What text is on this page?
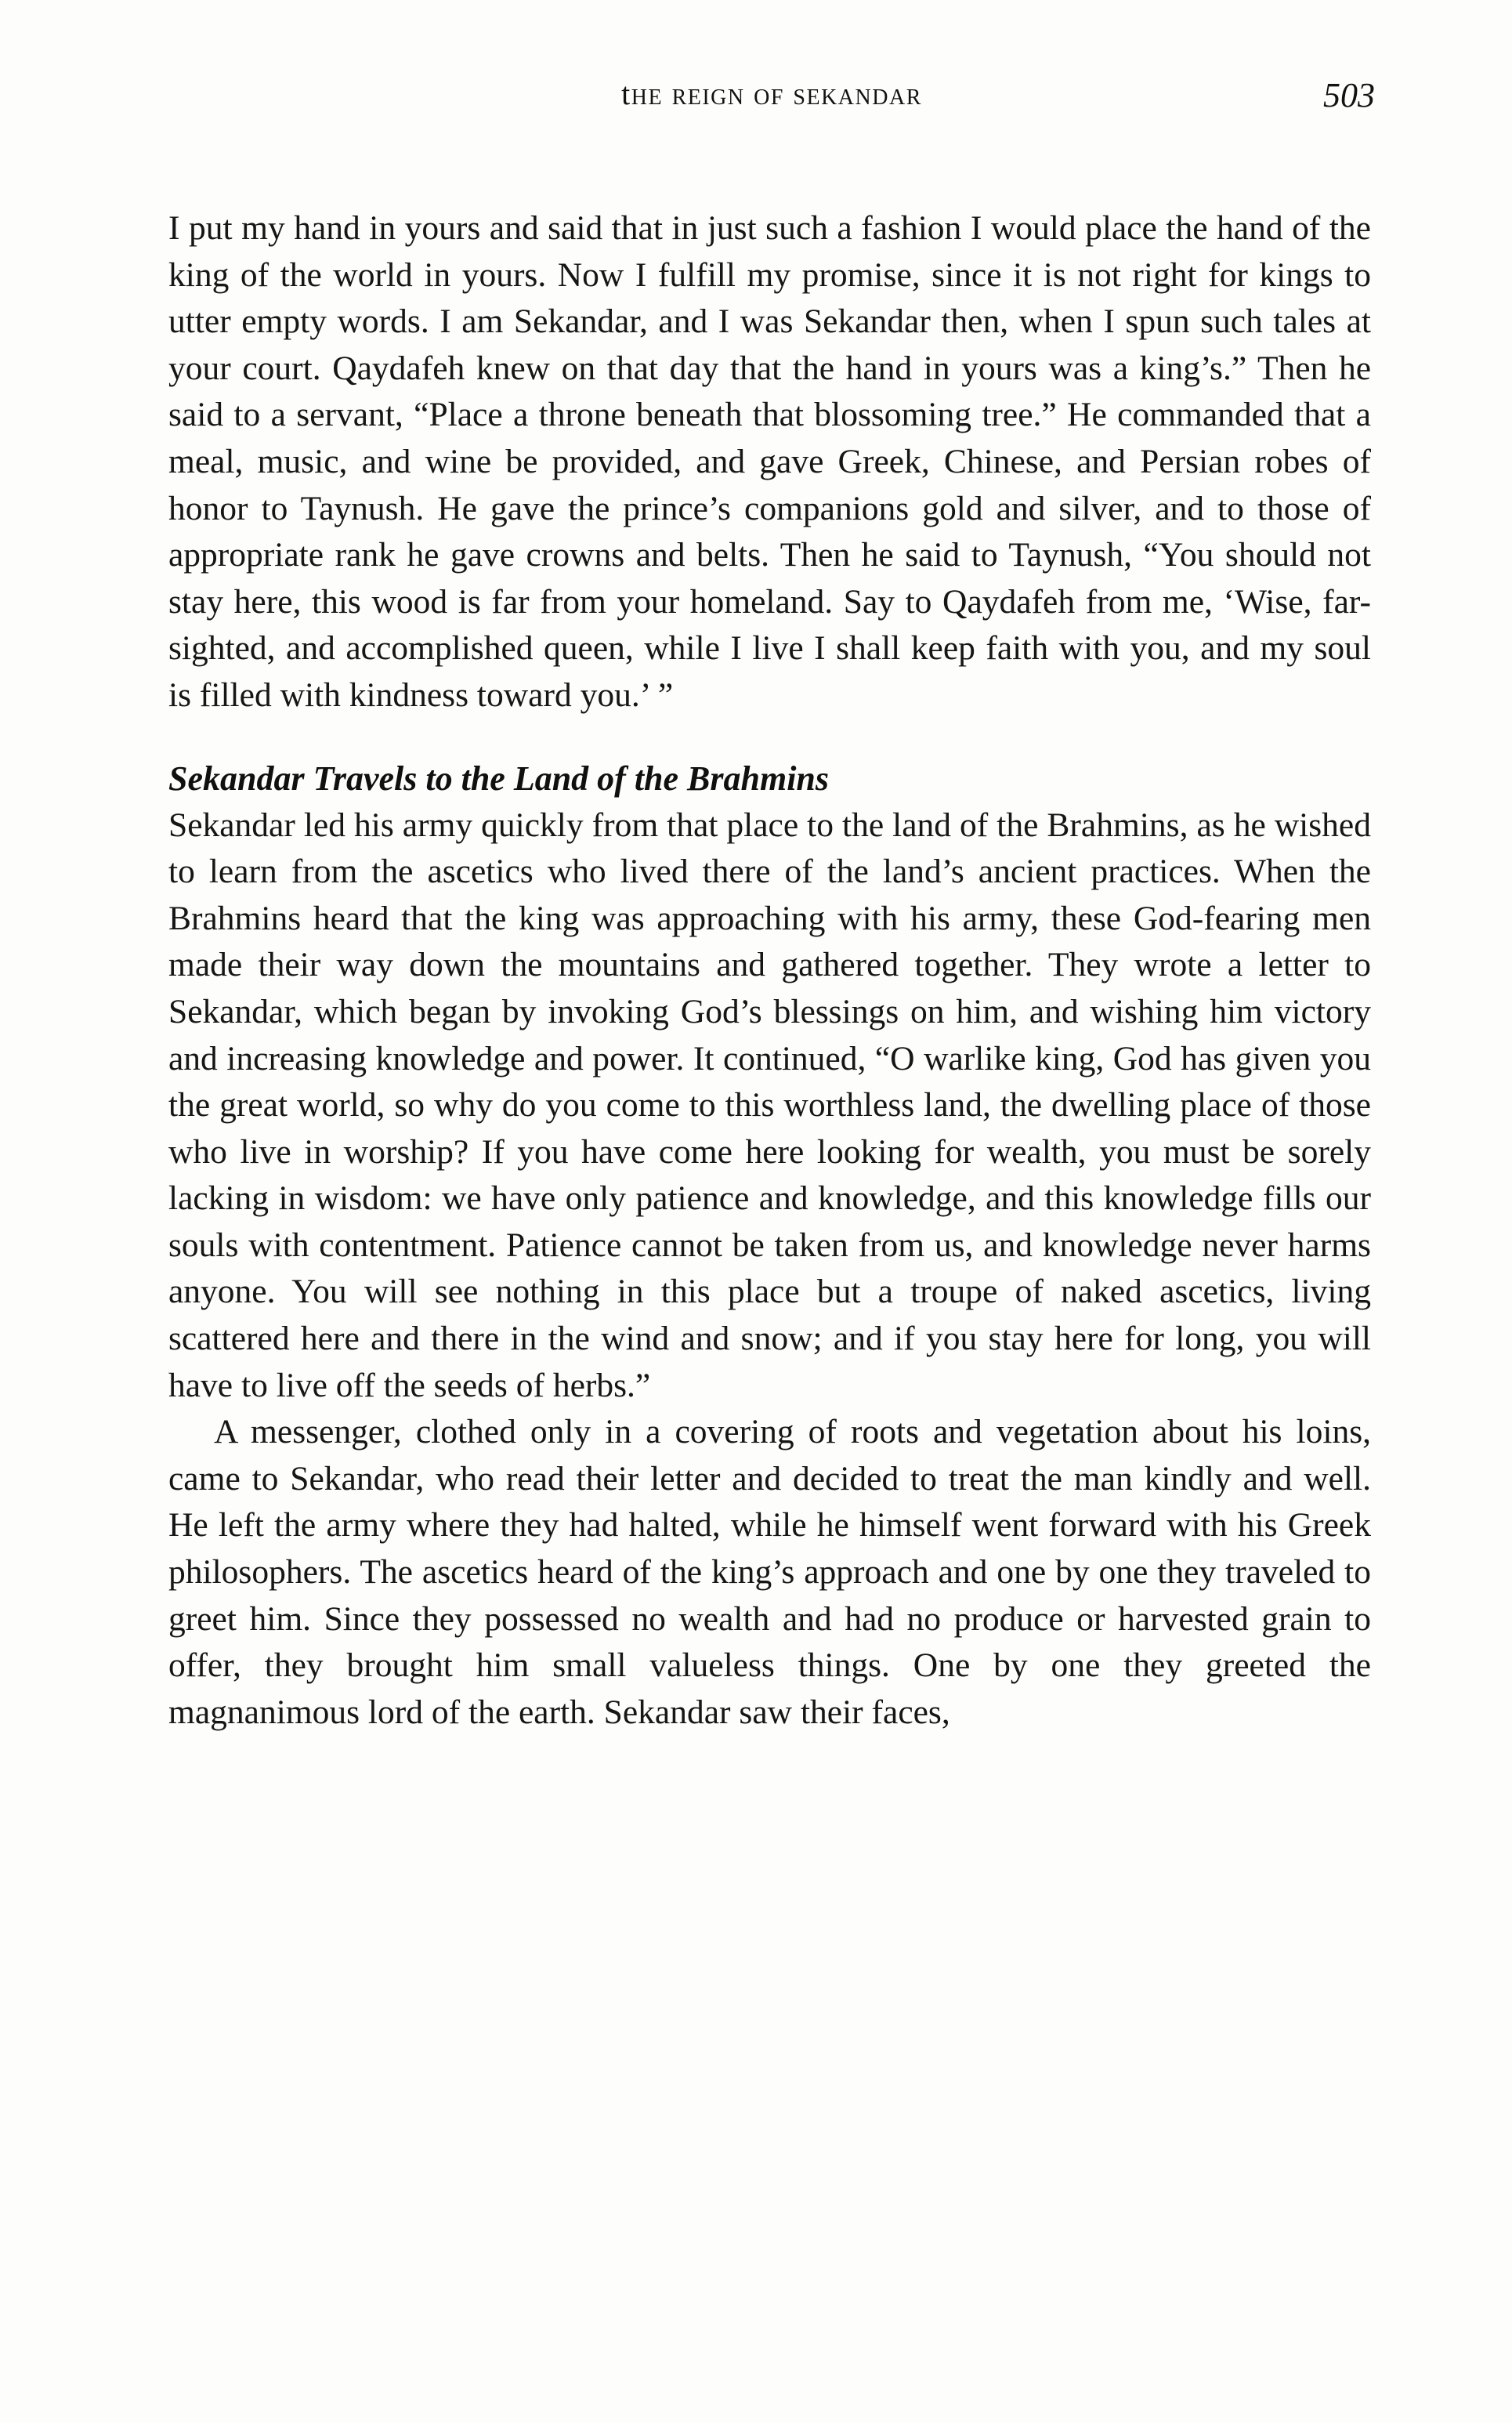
the reign of sekandar	503

I put my hand in yours and said that in just such a fashion I would place the hand of the king of the world in yours. Now I fulfill my promise, since it is not right for kings to utter empty words. I am Sekandar, and I was Sekandar then, when I spun such tales at your court. Qaydafeh knew on that day that the hand in yours was a king’s.” Then he said to a servant, “Place a throne beneath that blossoming tree.” He commanded that a meal, music, and wine be provided, and gave Greek, Chinese, and Persian robes of honor to Taynush. He gave the prince’s companions gold and silver, and to those of appropriate rank he gave crowns and belts. Then he said to Taynush, “You should not stay here, this wood is far from your homeland. Say to Qaydafeh from me, ‘Wise, far-sighted, and accomplished queen, while I live I shall keep faith with you, and my soul is filled with kindness toward you.’ ”

Sekandar Travels to the Land of the Brahmins

Sekandar led his army quickly from that place to the land of the Brahmins, as he wished to learn from the ascetics who lived there of the land’s ancient practices. When the Brahmins heard that the king was approaching with his army, these God-fearing men made their way down the mountains and gathered together. They wrote a letter to Sekandar, which began by invoking God’s blessings on him, and wishing him victory and increasing knowledge and power. It continued, “O warlike king, God has given you the great world, so why do you come to this worthless land, the dwelling place of those who live in worship? If you have come here looking for wealth, you must be sorely lacking in wisdom: we have only patience and knowledge, and this knowledge fills our souls with contentment. Patience cannot be taken from us, and knowledge never harms anyone. You will see nothing in this place but a troupe of naked ascetics, living scattered here and there in the wind and snow; and if you stay here for long, you will have to live off the seeds of herbs.”

A messenger, clothed only in a covering of roots and vegetation about his loins, came to Sekandar, who read their letter and decided to treat the man kindly and well. He left the army where they had halted, while he himself went forward with his Greek philosophers. The ascetics heard of the king’s approach and one by one they traveled to greet him. Since they possessed no wealth and had no produce or harvested grain to offer, they brought him small valueless things. One by one they greeted the magnanimous lord of the earth. Sekandar saw their faces,
